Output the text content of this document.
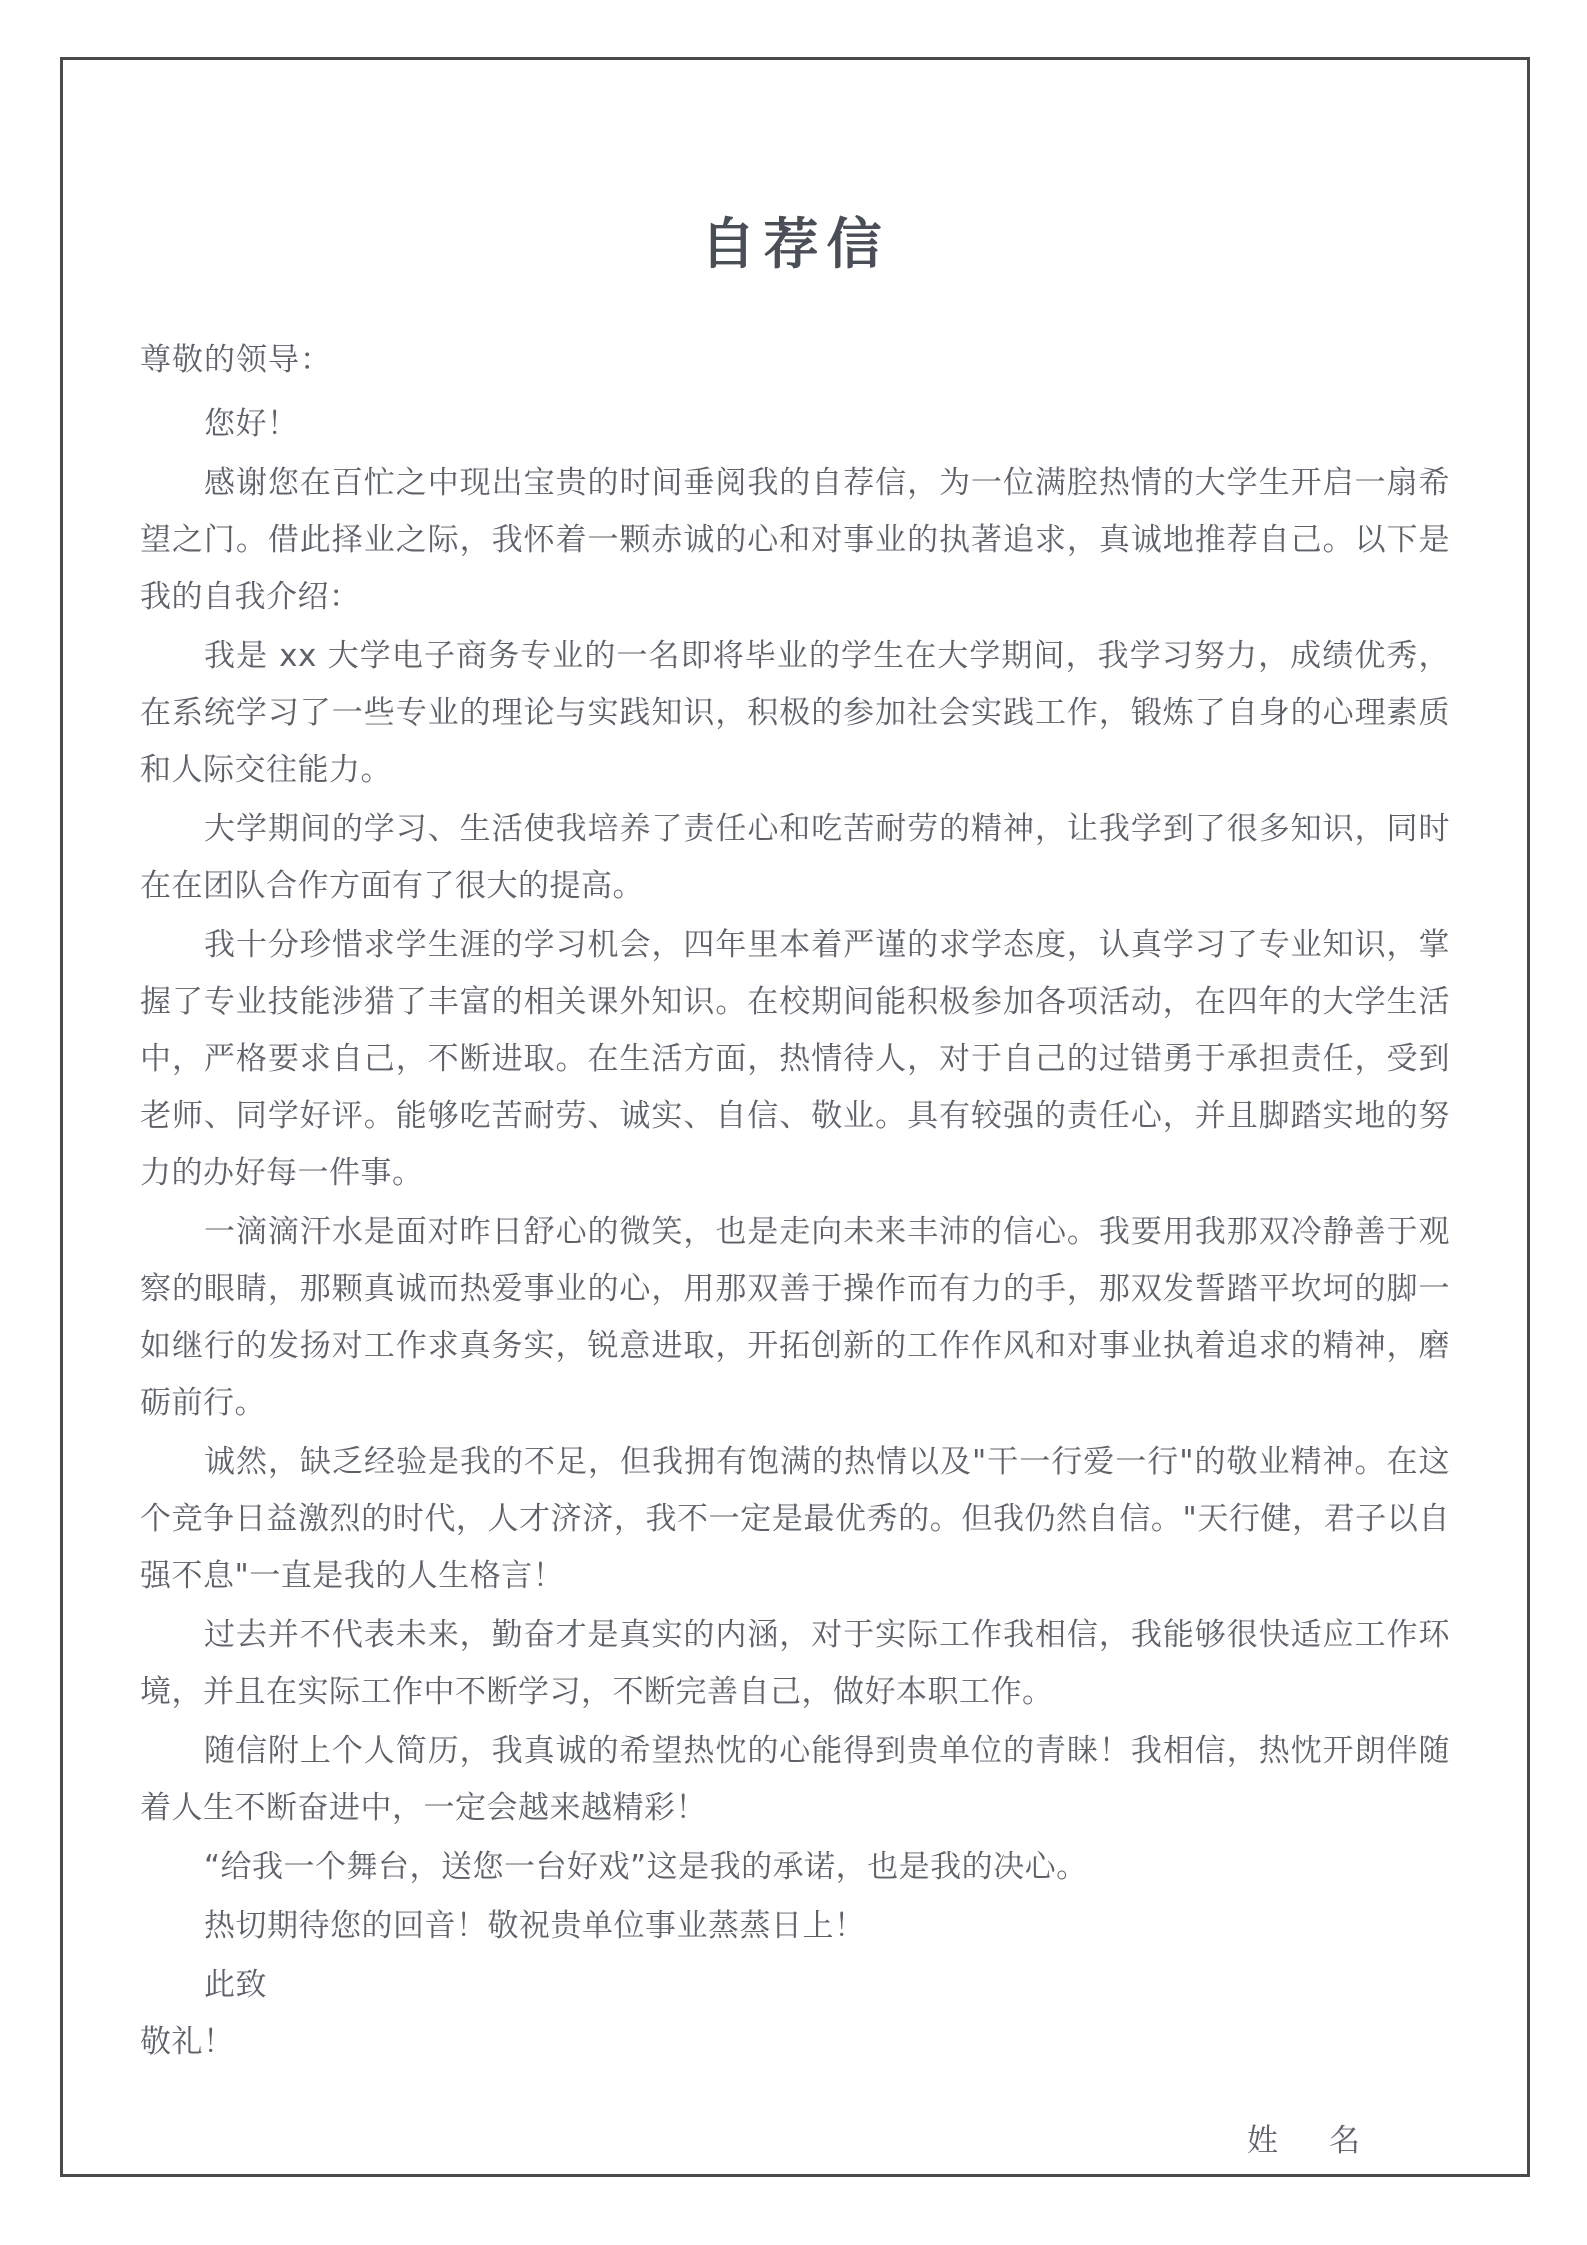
自荐信

尊敬的领导：

您好！

感谢您在百忙之中现出宝贵的时间垂阅我的自荐信，为一位满腔热情的大学生开启一扇希望之门。借此择业之际，我怀着一颗赤诚的心和对事业的执著追求，真诚地推荐自己。以下是我的自我介绍：

我是 xx 大学电子商务专业的一名即将毕业的学生在大学期间，我学习努力，成绩优秀，在系统学习了一些专业的理论与实践知识，积极的参加社会实践工作，锻炼了自身的心理素质和人际交往能力。

大学期间的学习、生活使我培养了责任心和吃苦耐劳的精神，让我学到了很多知识，同时在在团队合作方面有了很大的提高。

我十分珍惜求学生涯的学习机会，四年里本着严谨的求学态度，认真学习了专业知识，掌握了专业技能涉猎了丰富的相关课外知识。在校期间能积极参加各项活动，在四年的大学生活中，严格要求自己，不断进取。在生活方面，热情待人，对于自己的过错勇于承担责任，受到老师、同学好评。能够吃苦耐劳、诚实、自信、敬业。具有较强的责任心，并且脚踏实地的努力的办好每一件事。

一滴滴汗水是面对昨日舒心的微笑，也是走向未来丰沛的信心。我要用我那双冷静善于观察的眼睛，那颗真诚而热爱事业的心，用那双善于操作而有力的手，那双发誓踏平坎坷的脚一如继行的发扬对工作求真务实，锐意进取，开拓创新的工作作风和对事业执着追求的精神，磨砺前行。

诚然，缺乏经验是我的不足，但我拥有饱满的热情以及"干一行爱一行"的敬业精神。在这个竞争日益激烈的时代，人才济济，我不一定是最优秀的。但我仍然自信。"天行健，君子以自强不息"一直是我的人生格言！

过去并不代表未来，勤奋才是真实的内涵，对于实际工作我相信，我能够很快适应工作环境，并且在实际工作中不断学习，不断完善自己，做好本职工作。

随信附上个人简历，我真诚的希望热忱的心能得到贵单位的青睐！我相信，热忱开朗伴随着人生不断奋进中，一定会越来越精彩！

“给我一个舞台，送您一台好戏”这是我的承诺，也是我的决心。

热切期待您的回音！敬祝贵单位事业蒸蒸日上！

此致

敬礼！

姓　名
